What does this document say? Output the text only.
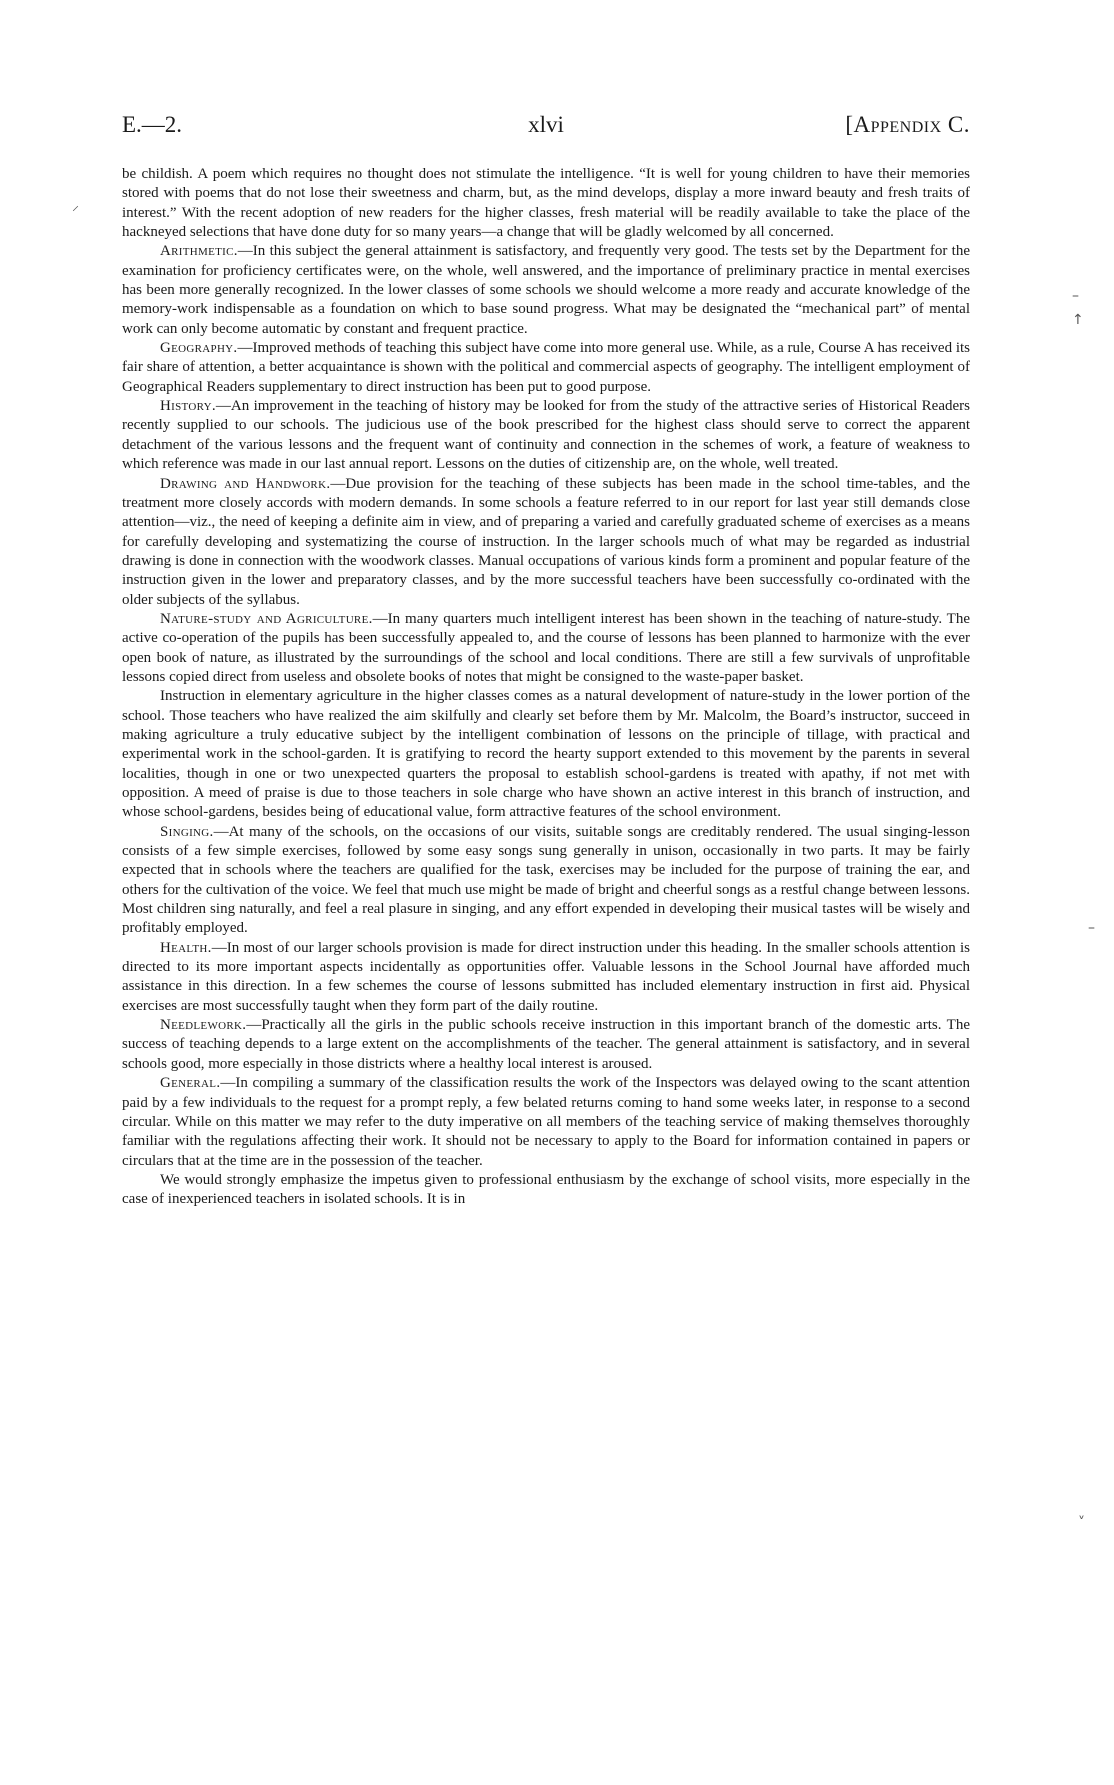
E.—2.	xlvi	[Appendix C.

be childish. A poem which requires no thought does not stimulate the intelligence. “It is well for young children to have their memories stored with poems that do not lose their sweetness and charm, but, as the mind develops, display a more inward beauty and fresh traits of interest.” With the recent adoption of new readers for the higher classes, fresh material will be readily available to take the place of the hackneyed selections that have done duty for so many years—a change that will be gladly welcomed by all concerned.

Arithmetic.—In this subject the general attainment is satisfactory, and frequently very good. The tests set by the Department for the examination for proficiency certificates were, on the whole, well answered, and the importance of preliminary practice in mental exercises has been more generally recognized. In the lower classes of some schools we should welcome a more ready and accurate knowledge of the memory-work indispensable as a foundation on which to base sound progress. What may be designated the “mechanical part” of mental work can only become automatic by constant and frequent practice.

Geography.—Improved methods of teaching this subject have come into more general use. While, as a rule, Course A has received its fair share of attention, a better acquaintance is shown with the political and commercial aspects of geography. The intelligent employment of Geographical Readers supplementary to direct instruction has been put to good purpose.

History.—An improvement in the teaching of history may be looked for from the study of the attractive series of Historical Readers recently supplied to our schools. The judicious use of the book prescribed for the highest class should serve to correct the apparent detachment of the various lessons and the frequent want of continuity and connection in the schemes of work, a feature of weakness to which reference was made in our last annual report. Lessons on the duties of citizenship are, on the whole, well treated.

Drawing and Handwork.—Due provision for the teaching of these subjects has been made in the school time-tables, and the treatment more closely accords with modern demands. In some schools a feature referred to in our report for last year still demands close attention—viz., the need of keeping a definite aim in view, and of preparing a varied and carefully graduated scheme of exercises as a means for carefully developing and systematizing the course of instruction. In the larger schools much of what may be regarded as industrial drawing is done in connection with the woodwork classes. Manual occupations of various kinds form a prominent and popular feature of the instruction given in the lower and preparatory classes, and by the more successful teachers have been successfully co-ordinated with the older subjects of the syllabus.

Nature-study and Agriculture.—In many quarters much intelligent interest has been shown in the teaching of nature-study. The active co-operation of the pupils has been successfully appealed to, and the course of lessons has been planned to harmonize with the ever open book of nature, as illustrated by the surroundings of the school and local conditions. There are still a few survivals of unprofitable lessons copied direct from useless and obsolete books of notes that might be consigned to the waste-paper basket.

Instruction in elementary agriculture in the higher classes comes as a natural development of nature-study in the lower portion of the school. Those teachers who have realized the aim skilfully and clearly set before them by Mr. Malcolm, the Board’s instructor, succeed in making agriculture a truly educative subject by the intelligent combination of lessons on the principle of tillage, with practical and experimental work in the school-garden. It is gratifying to record the hearty support extended to this movement by the parents in several localities, though in one or two unexpected quarters the proposal to establish school-gardens is treated with apathy, if not met with opposition. A meed of praise is due to those teachers in sole charge who have shown an active interest in this branch of instruction, and whose school-gardens, besides being of educational value, form attractive features of the school environment.

Singing.—At many of the schools, on the occasions of our visits, suitable songs are creditably rendered. The usual singing-lesson consists of a few simple exercises, followed by some easy songs sung generally in unison, occasionally in two parts. It may be fairly expected that in schools where the teachers are qualified for the task, exercises may be included for the purpose of training the ear, and others for the cultivation of the voice. We feel that much use might be made of bright and cheerful songs as a restful change between lessons. Most children sing naturally, and feel a real plasure in singing, and any effort expended in developing their musical tastes will be wisely and profitably employed.

Health.—In most of our larger schools provision is made for direct instruction under this heading. In the smaller schools attention is directed to its more important aspects incidentally as opportunities offer. Valuable lessons in the School Journal have afforded much assistance in this direction. In a few schemes the course of lessons submitted has included elementary instruction in first aid. Physical exercises are most successfully taught when they form part of the daily routine.

Needlework.—Practically all the girls in the public schools receive instruction in this important branch of the domestic arts. The success of teaching depends to a large extent on the accomplishments of the teacher. The general attainment is satisfactory, and in several schools good, more especially in those districts where a healthy local interest is aroused.

General.—In compiling a summary of the classification results the work of the Inspectors was delayed owing to the scant attention paid by a few individuals to the request for a prompt reply, a few belated returns coming to hand some weeks later, in response to a second circular. While on this matter we may refer to the duty imperative on all members of the teaching service of making themselves thoroughly familiar with the regulations affecting their work. It should not be necessary to apply to the Board for information contained in papers or circulars that at the time are in the possession of the teacher.

We would strongly emphasize the impetus given to professional enthusiasm by the exchange of school visits, more especially in the case of inexperienced teachers in isolated schools. It is in

⸝
–
↑
–
˅
